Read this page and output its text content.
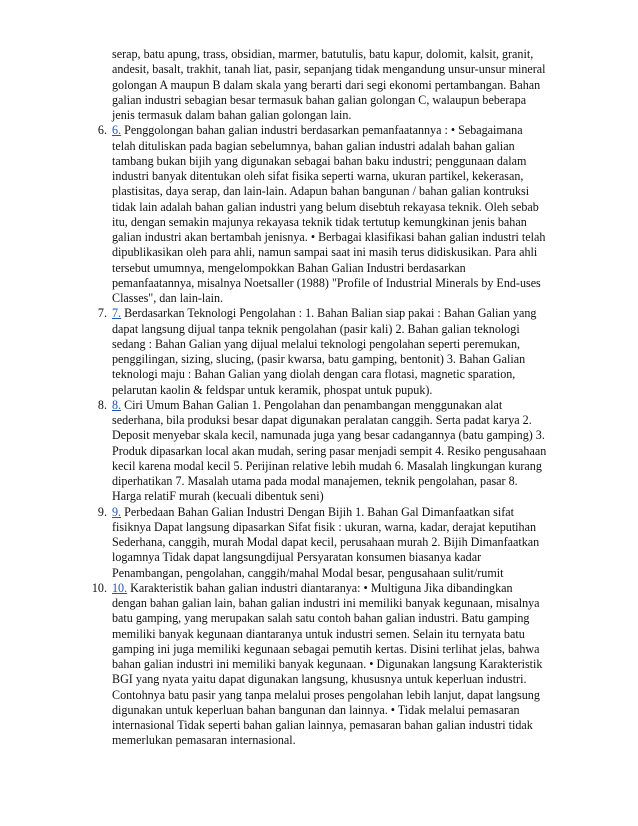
serap, batu apung, trass, obsidian, marmer, batutulis, batu kapur, dolomit, kalsit, granit,
andesit, basalt, trakhit, tanah liat, pasir, sepanjang tidak mengandung unsur-unsur mineral
golongan A maupun B dalam skala yang berarti dari segi ekonomi pertambangan. Bahan
galian industri sebagian besar termasuk bahan galian golongan C, walaupun beberapa
jenis termasuk dalam bahan galian golongan lain.
6. 6. Penggolongan bahan galian industri berdasarkan pemanfaatannya : • Sebagaimana
telah dituliskan pada bagian sebelumnya, bahan galian industri adalah bahan galian
tambang bukan bijih yang digunakan sebagai bahan baku industri; penggunaan dalam
industri banyak ditentukan oleh sifat fisika seperti warna, ukuran partikel, kekerasan,
plastisitas, daya serap, dan lain-lain. Adapun bahan bangunan / bahan galian kontruksi
tidak lain adalah bahan galian industri yang belum disebtuh rekayasa teknik. Oleh sebab
itu, dengan semakin majunya rekayasa teknik tidak tertutup kemungkinan jenis bahan
galian industri akan bertambah jenisnya. • Berbagai klasifikasi bahan galian industri telah
dipublikasikan oleh para ahli, namun sampai saat ini masih terus didiskusikan. Para ahli
tersebut umumnya, mengelompokkan Bahan Galian Industri berdasarkan
pemanfaatannya, misalnya Noetsaller (1988) "Profile of Industrial Minerals by End-uses
Classes", dan lain-lain.
7. 7. Berdasarkan Teknologi Pengolahan : 1. Bahan Balian siap pakai : Bahan Galian yang
dapat langsung dijual tanpa teknik pengolahan (pasir kali) 2. Bahan galian teknologi
sedang : Bahan Galian yang dijual melalui teknologi pengolahan seperti peremukan,
penggilingan, sizing, slucing, (pasir kwarsa, batu gamping, bentonit) 3. Bahan Galian
teknologi maju : Bahan Galian yang diolah dengan cara flotasi, magnetic sparation,
pelarutan kaolin & feldspar untuk keramik, phospat untuk pupuk).
8. 8. Ciri Umum Bahan Galian 1. Pengolahan dan penambangan menggunakan alat
sederhana, bila produksi besar dapat digunakan peralatan canggih. Serta padat karya 2.
Deposit menyebar skala kecil, namunada juga yang besar cadangannya (batu gamping) 3.
Produk dipasarkan local akan mudah, sering pasar menjadi sempit 4. Resiko pengusahaan
kecil karena modal kecil 5. Perijinan relative lebih mudah 6. Masalah lingkungan kurang
diperhatikan 7. Masalah utama pada modal manajemen, teknik pengolahan, pasar 8.
Harga relatiF murah (kecuali dibentuk seni)
9. 9. Perbedaan Bahan Galian Industri Dengan Bijih 1. Bahan Gal Dimanfaatkan sifat
fisiknya Dapat langsung dipasarkan Sifat fisik : ukuran, warna, kadar, derajat keputihan
Sederhana, canggih, murah Modal dapat kecil, perusahaan murah 2. Bijih Dimanfaatkan
logamnya Tidak dapat langsungdijual Persyaratan konsumen biasanya kadar
Penambangan, pengolahan, canggih/mahal Modal besar, pengusahaan sulit/rumit
10. 10. Karakteristik bahan galian industri diantaranya: • Multiguna Jika dibandingkan
dengan bahan galian lain, bahan galian industri ini memiliki banyak kegunaan, misalnya
batu gamping, yang merupakan salah satu contoh bahan galian industri. Batu gamping
memiliki banyak kegunaan diantaranya untuk industri semen. Selain itu ternyata batu
gamping ini juga memiliki kegunaan sebagai pemutih kertas. Disini terlihat jelas, bahwa
bahan galian industri ini memiliki banyak kegunaan. • Digunakan langsung Karakteristik
BGI yang nyata yaitu dapat digunakan langsung, khususnya untuk keperluan industri.
Contohnya batu pasir yang tanpa melalui proses pengolahan lebih lanjut, dapat langsung
digunakan untuk keperluan bahan bangunan dan lainnya. • Tidak melalui pemasaran
internasional Tidak seperti bahan galian lainnya, pemasaran bahan galian industri tidak
memerlukan pemasaran internasional.
